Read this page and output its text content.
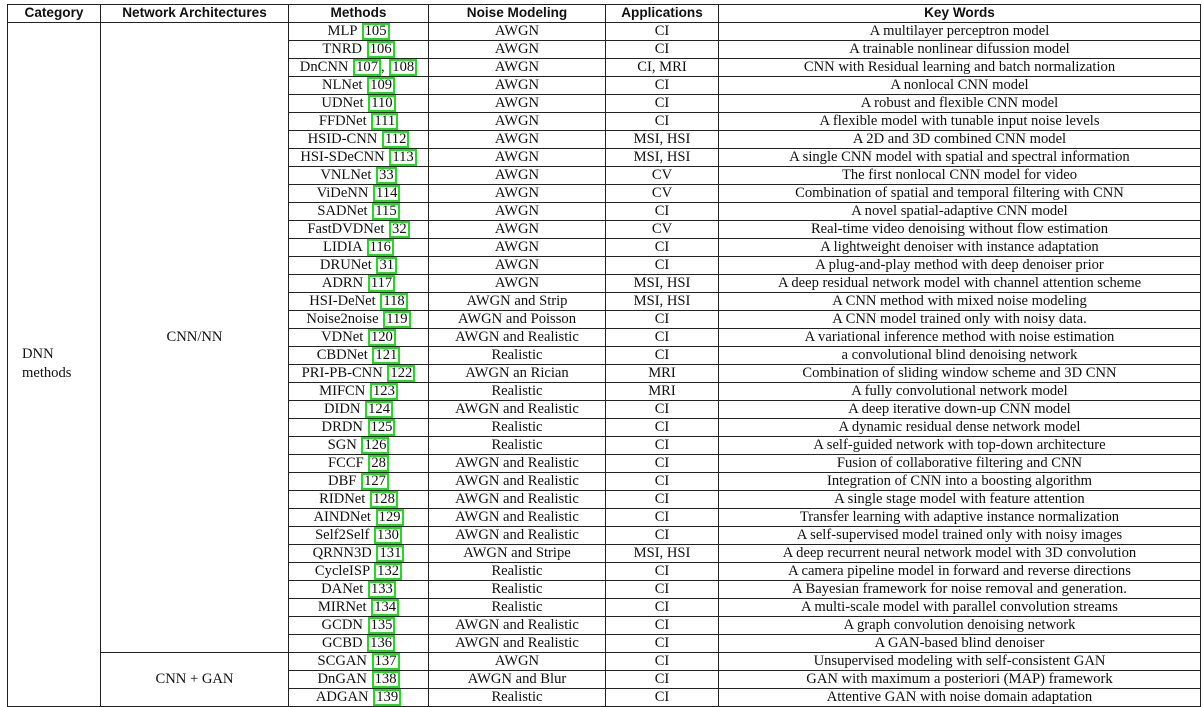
Category	Network Architectures	Methods	Noise Modeling	Applications	Key Words

DNN
methods	CNN/NN	MLP 105	AWGN	CI	A multilayer perceptron model
		TNRD 106	AWGN	CI	A trainable nonlinear difussion model
		DnCNN 107 , 108	AWGN	CI, MRI	CNN with Residual learning and batch normalization
		NLNet 109	AWGN	CI	A nonlocal CNN model
		UDNet 110	AWGN	CI	A robust and flexible CNN model
		FFDNet 111	AWGN	CI	A flexible model with tunable input noise levels
		HSID-CNN 112	AWGN	MSI, HSI	A 2D and 3D combined CNN model
		HSI-SDeCNN 113	AWGN	MSI, HSI	A single CNN model with spatial and spectral information
		VNLNet 33	AWGN	CV	The first nonlocal CNN model for video
		ViDeNN 114	AWGN	CV	Combination of spatial and temporal filtering with CNN
		SADNet 115	AWGN	CI	A novel spatial-adaptive CNN model
		FastDVDNet 32	AWGN	CV	Real-time video denoising without flow estimation
		LIDIA 116	AWGN	CI	A lightweight denoiser with instance adaptation
		DRUNet 31	AWGN	CI	A plug-and-play method with deep denoiser prior
		ADRN 117	AWGN	MSI, HSI	A deep residual network model with channel attention scheme
		HSI-DeNet 118	AWGN and Strip	MSI, HSI	A CNN method with mixed noise modeling
		Noise2noise 119	AWGN and Poisson	CI	A CNN model trained only with noisy data.
		VDNet 120	AWGN and Realistic	CI	A variational inference method with noise estimation
		CBDNet 121	Realistic	CI	a convolutional blind denoising network
		PRI-PB-CNN 122	AWGN an Rician	MRI	Combination of sliding window scheme and 3D CNN
		MIFCN 123	Realistic	MRI	A fully convolutional network model
		DIDN 124	AWGN and Realistic	CI	A deep iterative down-up CNN model
		DRDN 125	Realistic	CI	A dynamic residual dense network model
		SGN 126	Realistic	CI	A self-guided network with top-down architecture
		FCCF 28	AWGN and Realistic	CI	Fusion of collaborative filtering and CNN
		DBF 127	AWGN and Realistic	CI	Integration of CNN into a boosting algorithm
		RIDNet 128	AWGN and Realistic	CI	A single stage model with feature attention
		AINDNet 129	AWGN and Realistic	CI	Transfer learning with adaptive instance normalization
		Self2Self 130	AWGN and Realistic	CI	A self-supervised model trained only with noisy images
		QRNN3D 131	AWGN and Stripe	MSI, HSI	A deep recurrent neural network model with 3D convolution
		CycleISP 132	Realistic	CI	A camera pipeline model in forward and reverse directions
		DANet 133	Realistic	CI	A Bayesian framework for noise removal and generation.
		MIRNet 134	Realistic	CI	A multi-scale model with parallel convolution streams
		GCDN 135	AWGN and Realistic	CI	A graph convolution denoising network
		GCBD 136	AWGN and Realistic	CI	A GAN-based blind denoiser
	CNN + GAN	SCGAN 137	AWGN	CI	Unsupervised modeling with self-consistent GAN
		DnGAN 138	AWGN and Blur	CI	GAN with maximum a posteriori (MAP) framework
		ADGAN 139	Realistic	CI	Attentive GAN with noise domain adaptation
